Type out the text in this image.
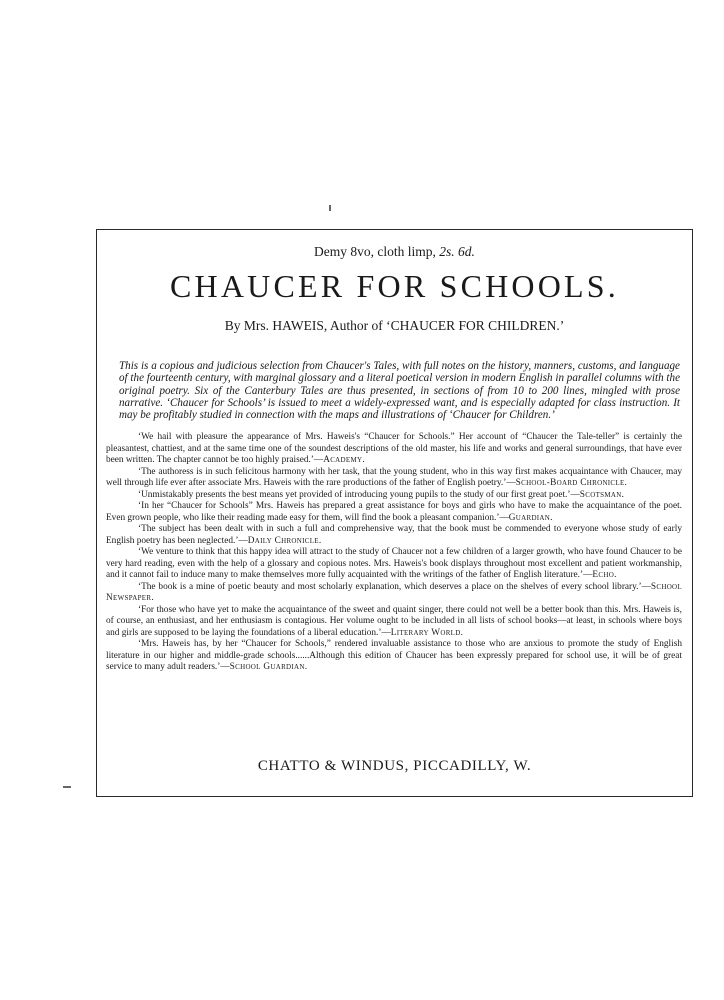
Demy 8vo, cloth limp, 2s. 6d.
CHAUCER FOR SCHOOLS.
By Mrs. HAWEIS, Author of ‘CHAUCER FOR CHILDREN.’

This is a copious and judicious selection from Chaucer's Tales, with full notes on the history, manners, customs, and language of the fourteenth century, with marginal glossary and a literal poetical version in modern English in parallel columns with the original poetry. Six of the Canterbury Tales are thus presented, in sections of from 10 to 200 lines, mingled with prose narrative. ‘Chaucer for Schools’ is issued to meet a widely-expressed want, and is especially adapted for class instruction. It may be profitably studied in connection with the maps and illustrations of ‘Chaucer for Children.’

‘We hail with pleasure the appearance of Mrs. Haweis's “Chaucer for Schools.” Her account of “Chaucer the Tale-teller” is certainly the pleasantest, chattiest, and at the same time one of the soundest descriptions of the old master, his life and works and general surroundings, that have ever been written. The chapter cannot be too highly praised.’—Academy.

‘The authoress is in such felicitous harmony with her task, that the young student, who in this way first makes acquaintance with Chaucer, may well through life ever after associate Mrs. Haweis with the rare productions of the father of English poetry.’—School-Board Chronicle.

‘Unmistakably presents the best means yet provided of introducing young pupils to the study of our first great poet.’—Scotsman.

‘In her “Chaucer for Schools” Mrs. Haweis has prepared a great assistance for boys and girls who have to make the acquaintance of the poet. Even grown people, who like their reading made easy for them, will find the book a pleasant companion.’—Guardian.

‘The subject has been dealt with in such a full and comprehensive way, that the book must be commended to everyone whose study of early English poetry has been neglected.’—Daily Chronicle.

‘We venture to think that this happy idea will attract to the study of Chaucer not a few children of a larger growth, who have found Chaucer to be very hard reading, even with the help of a glossary and copious notes. Mrs. Haweis's book displays throughout most excellent and patient workmanship, and it cannot fail to induce many to make themselves more fully acquainted with the writings of the father of English literature.’—Echo.

‘The book is a mine of poetic beauty and most scholarly explanation, which deserves a place on the shelves of every school library.’—School Newspaper.

‘For those who have yet to make the acquaintance of the sweet and quaint singer, there could not well be a better book than this. Mrs. Haweis is, of course, an enthusiast, and her enthusiasm is contagious. Her volume ought to be included in all lists of school books—at least, in schools where boys and girls are supposed to be laying the foundations of a liberal education.’—Literary World.

‘Mrs. Haweis has, by her “Chaucer for Schools,” rendered invaluable assistance to those who are anxious to promote the study of English literature in our higher and middle-grade schools......Although this edition of Chaucer has been expressly prepared for school use, it will be of great service to many adult readers.’—School Guardian.

CHATTO & WINDUS, PICCADILLY, W.
